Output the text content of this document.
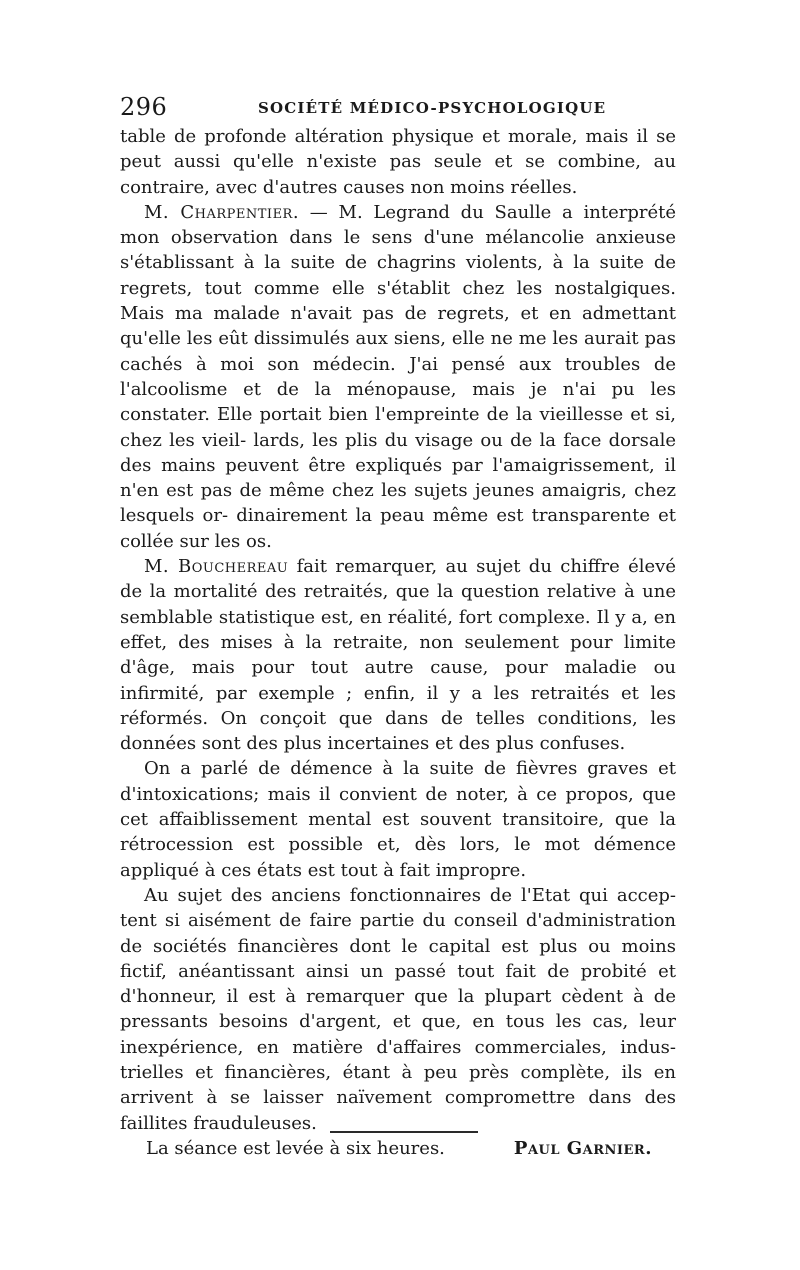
296	SOCIÉTÉ MÉDICO-PSYCHOLOGIQUE

table de profonde altération physique et morale, mais il se peut aussi qu'elle n'existe pas seule et se combine, au contraire, avec d'autres causes non moins réelles.

M. Charpentier. — M. Legrand du Saulle a interprété mon observation dans le sens d'une mélancolie anxieuse s'établissant à la suite de chagrins violents, à la suite de regrets, tout comme elle s'établit chez les nostalgiques. Mais ma malade n'avait pas de regrets, et en admettant qu'elle les eût dissimulés aux siens, elle ne me les aurait pas cachés à moi son médecin. J'ai pensé aux troubles de l'alcoolisme et de la ménopause, mais je n'ai pu les constater. Elle portait bien l'empreinte de la vieillesse et si, chez les vieil- lards, les plis du visage ou de la face dorsale des mains peuvent être expliqués par l'amaigrissement, il n'en est pas de même chez les sujets jeunes amaigris, chez lesquels or- dinairement la peau même est transparente et collée sur les os.

M. Bouchereau fait remarquer, au sujet du chiffre élevé de la mortalité des retraités, que la question relative à une semblable statistique est, en réalité, fort complexe. Il y a, en effet, des mises à la retraite, non seulement pour limite d'âge, mais pour tout autre cause, pour maladie ou infirmité, par exemple ; enfin, il y a les retraités et les réformés. On conçoit que dans de telles conditions, les données sont des plus incertaines et des plus confuses.

On a parlé de démence à la suite de fièvres graves et d'intoxications; mais il convient de noter, à ce propos, que cet affaiblissement mental est souvent transitoire, que la rétrocession est possible et, dès lors, le mot démence appliqué à ces états est tout à fait impropre.

Au sujet des anciens fonctionnaires de l'Etat qui accep- tent si aisément de faire partie du conseil d'administration de sociétés financières dont le capital est plus ou moins fictif, anéantissant ainsi un passé tout fait de probité et d'honneur, il est à remarquer que la plupart cèdent à de pressants besoins d'argent, et que, en tous les cas, leur inexpérience, en matière d'affaires commerciales, indus- trielles et financières, étant à peu près complète, ils en arrivent à se laisser naïvement compromettre dans des faillites frauduleuses.

La séance est levée à six heures.	Paul Garnier.
